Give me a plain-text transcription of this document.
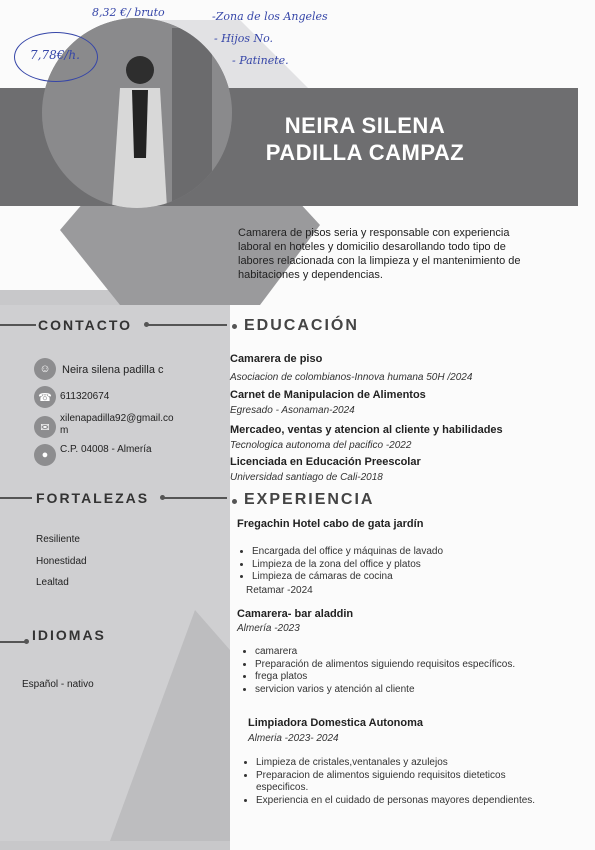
8,32 €/ bruto
7,78€/h.
-Zona de los Angeles
- Hijos No.
- Patinete.
NEIRA SILENA
PADILLA CAMPAZ
Camarera de pisos seria y responsable con experiencia laboral en hoteles y domicilio desarollando todo tipo de labores relacionada con la limpieza y el mantenimiento de habitaciones y dependencias.
CONTACTO
☺	Neira silena padilla c
☎ 611320674
✉
xilenapadilla92@gmail.co
m
●	C.P. 04008 - Almería
FORTALEZAS
Resiliente
Honestidad
Lealtad
IDIOMAS
Español - nativo
EDUCACIÓN
Camarera de piso
Asociacion de colombianos-Innova humana 50H /2024
Carnet de Manipulacion de Alimentos
Egresado - Asonaman-2024
Mercadeo, ventas y atencion al cliente y habilidades
Tecnologica autonoma del pacifico -2022
Licenciada en Educación Preescolar
Universidad santiago de Cali-2018
EXPERIENCIA
Fregachin Hotel cabo de gata jardín
• Encargada del office y máquinas de lavado
• Limpieza de la zona del office y platos
• Limpieza de cámaras de cocina
Retamar -2024
Camarera- bar aladdin
Almería -2023
• camarera
• Preparación de alimentos siguiendo requisitos específicos.
• frega platos
• servicion varios y atención al cliente
Limpiadora Domestica Autonoma
Almeria -2023- 2024
• Limpieza de cristales,ventanales y azulejos
• Preparacion de alimentos siguiendo requisitos dieteticos especificos.
• Experiencia en el cuidado de personas mayores dependientes.
